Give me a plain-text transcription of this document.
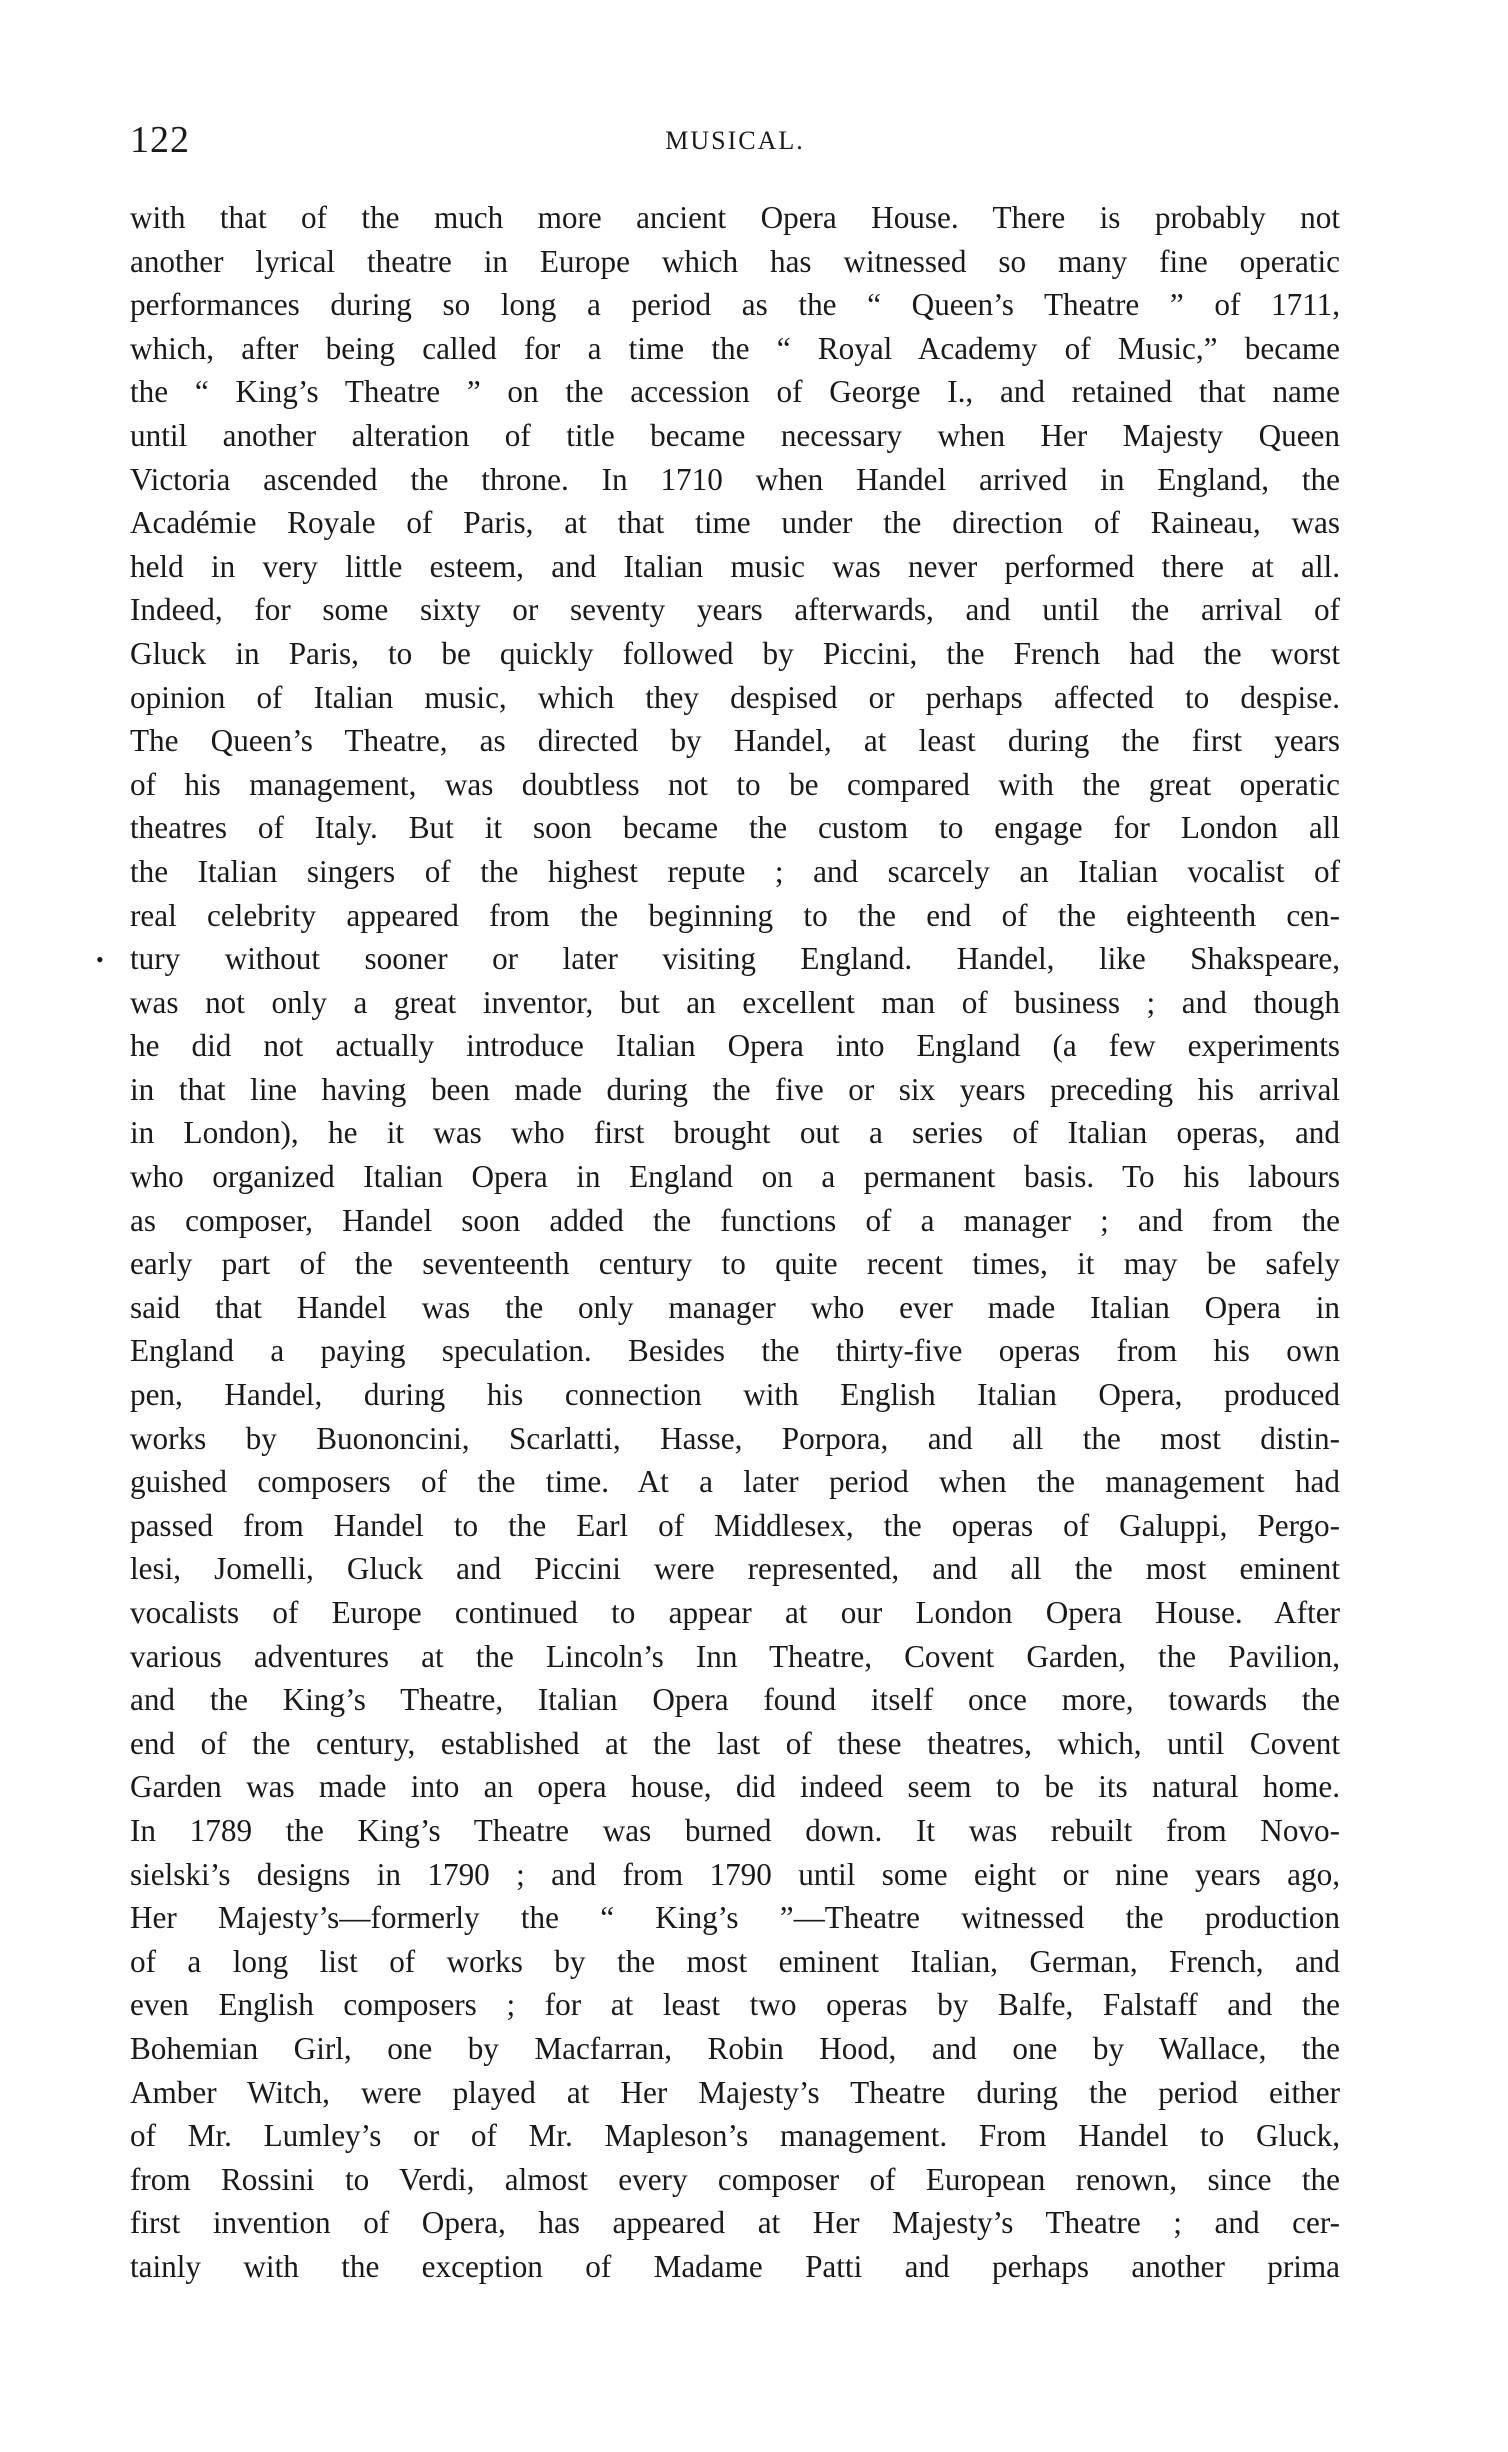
122	MUSICAL.
•
with that of the much more ancient Opera House. There is probably not
another lyrical theatre in Europe which has witnessed so many fine operatic
performances during so long a period as the “ Queen’s Theatre ” of 1711,
which, after being called for a time the “ Royal Academy of Music,” became
the “ King’s Theatre ” on the accession of George I., and retained that name
until another alteration of title became necessary when Her Majesty Queen
Victoria ascended the throne. In 1710 when Handel arrived in England, the
Académie Royale of Paris, at that time under the direction of Raineau, was
held in very little esteem, and Italian music was never performed there at all.
Indeed, for some sixty or seventy years afterwards, and until the arrival of
Gluck in Paris, to be quickly followed by Piccini, the French had the worst
opinion of Italian music, which they despised or perhaps affected to despise.
The Queen’s Theatre, as directed by Handel, at least during the first years
of his management, was doubtless not to be compared with the great operatic
theatres of Italy. But it soon became the custom to engage for London all
the Italian singers of the highest repute ; and scarcely an Italian vocalist of
real celebrity appeared from the beginning to the end of the eighteenth cen-
tury without sooner or later visiting England. Handel, like Shakspeare,
was not only a great inventor, but an excellent man of business ; and though
he did not actually introduce Italian Opera into England (a few experiments
in that line having been made during the five or six years preceding his arrival
in London), he it was who first brought out a series of Italian operas, and
who organized Italian Opera in England on a permanent basis. To his labours
as composer, Handel soon added the functions of a manager ; and from the
early part of the seventeenth century to quite recent times, it may be safely
said that Handel was the only manager who ever made Italian Opera in
England a paying speculation. Besides the thirty-five operas from his own
pen, Handel, during his connection with English Italian Opera, produced
works by Buononcini, Scarlatti, Hasse, Porpora, and all the most distin-
guished composers of the time. At a later period when the management had
passed from Handel to the Earl of Middlesex, the operas of Galuppi, Pergo-
lesi, Jomelli, Gluck and Piccini were represented, and all the most eminent
vocalists of Europe continued to appear at our London Opera House. After
various adventures at the Lincoln’s Inn Theatre, Covent Garden, the Pavilion,
and the King’s Theatre, Italian Opera found itself once more, towards the
end of the century, established at the last of these theatres, which, until Covent
Garden was made into an opera house, did indeed seem to be its natural home.
In 1789 the King’s Theatre was burned down. It was rebuilt from Novo-
sielski’s designs in 1790 ; and from 1790 until some eight or nine years ago,
Her Majesty’s—formerly the “ King’s ”—Theatre witnessed the production
of a long list of works by the most eminent Italian, German, French, and
even English composers ; for at least two operas by Balfe, Falstaff and the
Bohemian Girl, one by Macfarran, Robin Hood, and one by Wallace, the
Amber Witch, were played at Her Majesty’s Theatre during the period either
of Mr. Lumley’s or of Mr. Mapleson’s management. From Handel to Gluck,
from Rossini to Verdi, almost every composer of European renown, since the
first invention of Opera, has appeared at Her Majesty’s Theatre ; and cer-
tainly with the exception of Madame Patti and perhaps another prima
